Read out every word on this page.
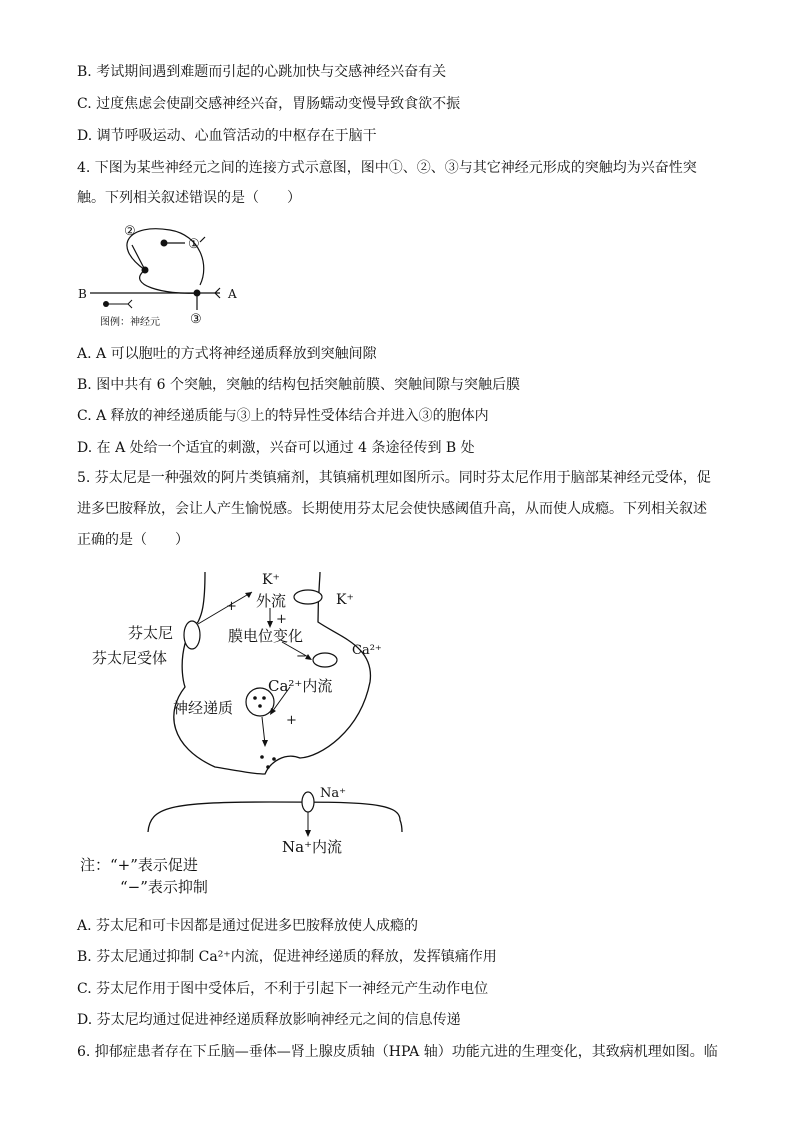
B. 考试期间遇到难题而引起的心跳加快与交感神经兴奋有关
C. 过度焦虑会使副交感神经兴奋，胃肠蠕动变慢导致食欲不振
D. 调节呼吸运动、心血管活动的中枢存在于脑干
4. 下图为某些神经元之间的连接方式示意图，图中①、②、③与其它神经元形成的突触均为兴奋性突
触。下列相关叙述错误的是（　　）
①
②
③
A
B
图例：神经元
A. A 可以胞吐的方式将神经递质释放到突触间隙
B. 图中共有 6 个突触，突触的结构包括突触前膜、突触间隙与突触后膜
C. A 释放的神经递质能与③上的特异性受体结合并进入③的胞体内
D. 在 A 处给一个适宜的刺激，兴奋可以通过 4 条途径传到 B 处
5. 芬太尼是一种强效的阿片类镇痛剂，其镇痛机理如图所示。同时芬太尼作用于脑部某神经元受体，促
进多巴胺释放，会让人产生愉悦感。长期使用芬太尼会使快感阈值升高，从而使人成瘾。下列相关叙述
正确的是（　　）
K⁺
外流	K⁺
芬太尼
芬太尼受体
膜电位变化
Ca²⁺
Ca²⁺内流
神经递质
Na⁺
Na⁺内流
+
+
−
+
注：“+”表示促进
“−”表示抑制
A. 芬太尼和可卡因都是通过促进多巴胺释放使人成瘾的
B. 芬太尼通过抑制 Ca²⁺内流，促进神经递质的释放，发挥镇痛作用
C. 芬太尼作用于图中受体后，不利于引起下一神经元产生动作电位
D. 芬太尼均通过促进神经递质释放影响神经元之间的信息传递
6. 抑郁症患者存在下丘脑—垂体—肾上腺皮质轴（HPA 轴）功能亢进的生理变化，其致病机理如图。临
